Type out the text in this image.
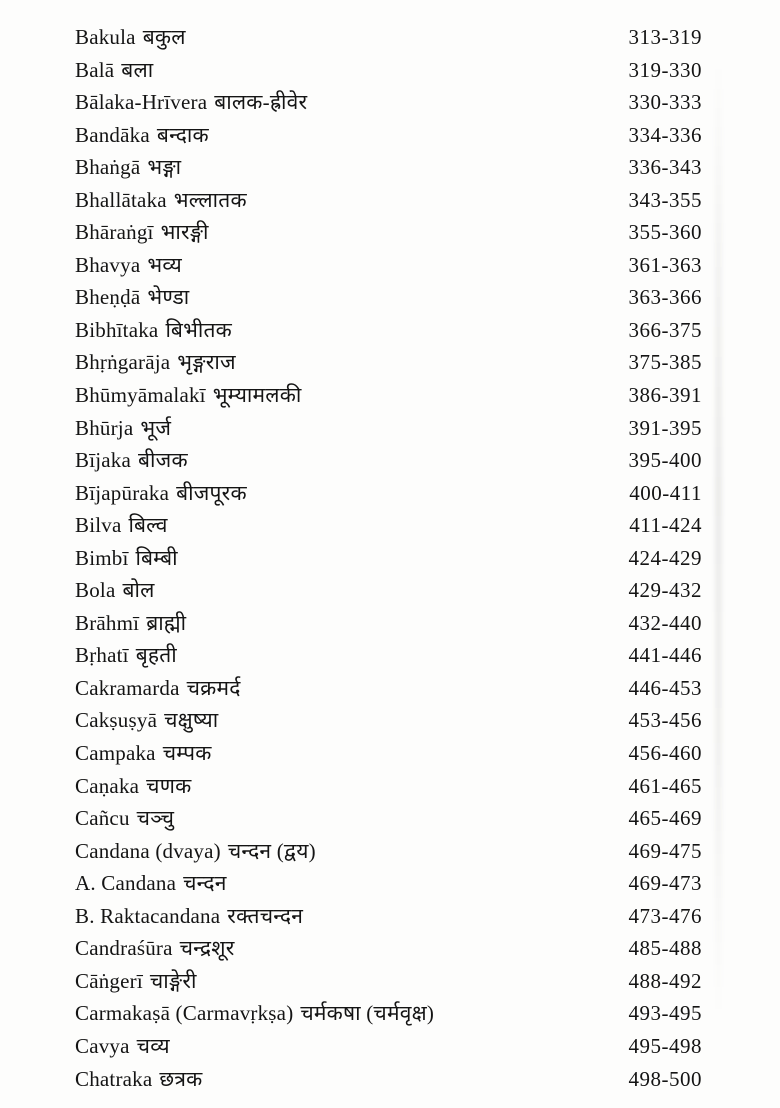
Bakula बकुल	313-319
Balā बला	319-330
Bālaka-Hrīvera बालक-ह्रीवेर	330-333
Bandāka बन्दाक	334-336
Bhaṅgā भङ्गा	336-343
Bhallātaka भल्लातक	343-355
Bhāraṅgī भारङ्गी	355-360
Bhavya भव्य	361-363
Bheṇḍā भेण्डा	363-366
Bibhītaka बिभीतक	366-375
Bhṛṅgarāja भृङ्गराज	375-385
Bhūmyāmalakī भूम्यामलकी	386-391
Bhūrja भूर्ज	391-395
Bījaka बीजक	395-400
Bījapūraka बीजपूरक	400-411
Bilva बिल्व	411-424
Bimbī बिम्बी	424-429
Bola बोल	429-432
Brāhmī ब्राह्मी	432-440
Bṛhatī बृहती	441-446
Cakramarda चक्रमर्द	446-453
Cakṣuṣyā चक्षुष्या	453-456
Campaka चम्पक	456-460
Caṇaka चणक	461-465
Cañcu चञ्चु	465-469
Candana (dvaya) चन्दन (द्वय)	469-475
A. Candana चन्दन	469-473
B. Raktacandana रक्तचन्दन	473-476
Candraśūra चन्द्रशूर	485-488
Cāṅgerī चाङ्गेरी	488-492
Carmakaṣā (Carmavṛkṣa) चर्मकषा (चर्मवृक्ष)	493-495
Cavya चव्य	495-498
Chatraka छत्रक	498-500
